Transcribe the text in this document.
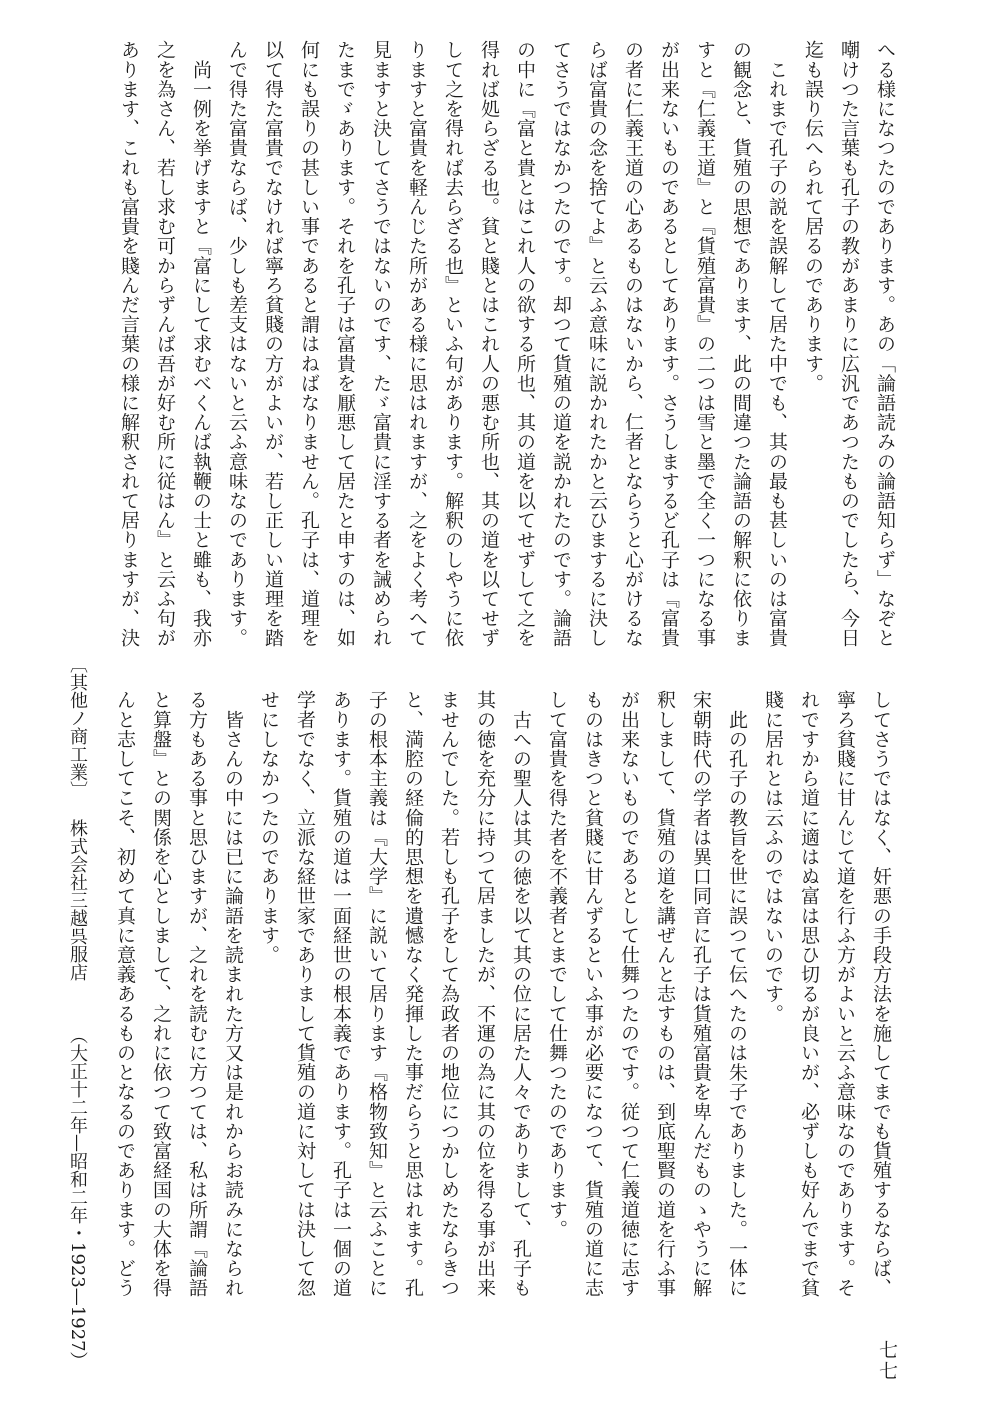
へる様になつたのであります。あの「論語読みの論語知らず」なぞと
嘲けつた言葉も孔子の教があまりに広汎であつたものでしたら、今日
迄も誤り伝へられて居るのであります。
　これまで孔子の説を誤解して居た中でも、其の最も甚しいのは富貴
の観念と、貨殖の思想であります、此の間違つた論語の解釈に依りま
すと『仁義王道』と『貨殖富貴』の二つは雪と墨で全く一つになる事
が出来ないものであるとしてあります。さうしまするど孔子は『富貴
の者に仁義王道の心あるものはないから、仁者とならうと心がけるな
らば富貴の念を捨てよ』と云ふ意味に説かれたかと云ひまするに決し
てさうではなかつたのです。却つて貨殖の道を説かれたのです。論語
の中に『富と貴とはこれ人の欲する所也、其の道を以てせずして之を
得れば処らざる也。貧と賤とはこれ人の悪む所也、其の道を以てせず
して之を得れば去らざる也』といふ句があります。解釈のしやうに依
りますと富貴を軽んじた所がある様に思はれますが、之をよく考へて
見ますと決してさうではないのです、たゞ富貴に淫する者を誡められ
たまでゞあります。それを孔子は富貴を厭悪して居たと申すのは、如
何にも誤りの甚しい事であると謂はねばなりません。孔子は、道理を
以て得た富貴でなければ寧ろ貧賤の方がよいが、若し正しい道理を踏
んで得た富貴ならば、少しも差支はないと云ふ意味なのであります。
　尚一例を挙げますと『富にして求むべくんば執鞭の士と雖も、我亦
之を為さん、若し求む可からずんば吾が好む所に従はん』と云ふ句が
あります、これも富貴を賤んだ言葉の様に解釈されて居りますが、決
してさうではなく、奸悪の手段方法を施してまでも貨殖するならば、
寧ろ貧賤に甘んじて道を行ふ方がよいと云ふ意味なのであります。そ
れですから道に適はぬ富は思ひ切るが良いが、必ずしも好んでまで貧
賤に居れとは云ふのではないのです。
　此の孔子の教旨を世に誤つて伝へたのは朱子でありました。一体に
宋朝時代の学者は異口同音に孔子は貨殖富貴を卑んだものゝやうに解
釈しまして、貨殖の道を講ぜんと志すものは、到底聖賢の道を行ふ事
が出来ないものであるとして仕舞つたのです。従つて仁義道徳に志す
ものはきつと貧賤に甘んずるといふ事が必要になつて、貨殖の道に志
して富貴を得た者を不義者とまでして仕舞つたのであります。
　古への聖人は其の徳を以て其の位に居た人々でありまして、孔子も
其の徳を充分に持つて居ましたが、不運の為に其の位を得る事が出来
ませんでした。若しも孔子をして為政者の地位につかしめたならきつ
と、満腔の経倫的思想を遺憾なく発揮した事だらうと思はれます。孔
子の根本主義は『大学』に説いて居ります『格物致知』と云ふことに
あります。貨殖の道は一面経世の根本義であります。孔子は一個の道
学者でなく、立派な経世家でありまして貨殖の道に対しては決して忽
せにしなかつたのであります。
　皆さんの中には已に論語を読まれた方又は是れからお読みになられ
る方もある事と思ひますが、之れを読むに方つては、私は所謂『論語
と算盤』との関係を心としまして、之れに依つて致富経国の大体を得
んと志してこそ、初めて真に意義あるものとなるのであります。どう
〔其他ノ商工業〕 株式会社三越呉服店 （大正十二年—昭和二年・1923—1927）	七七
